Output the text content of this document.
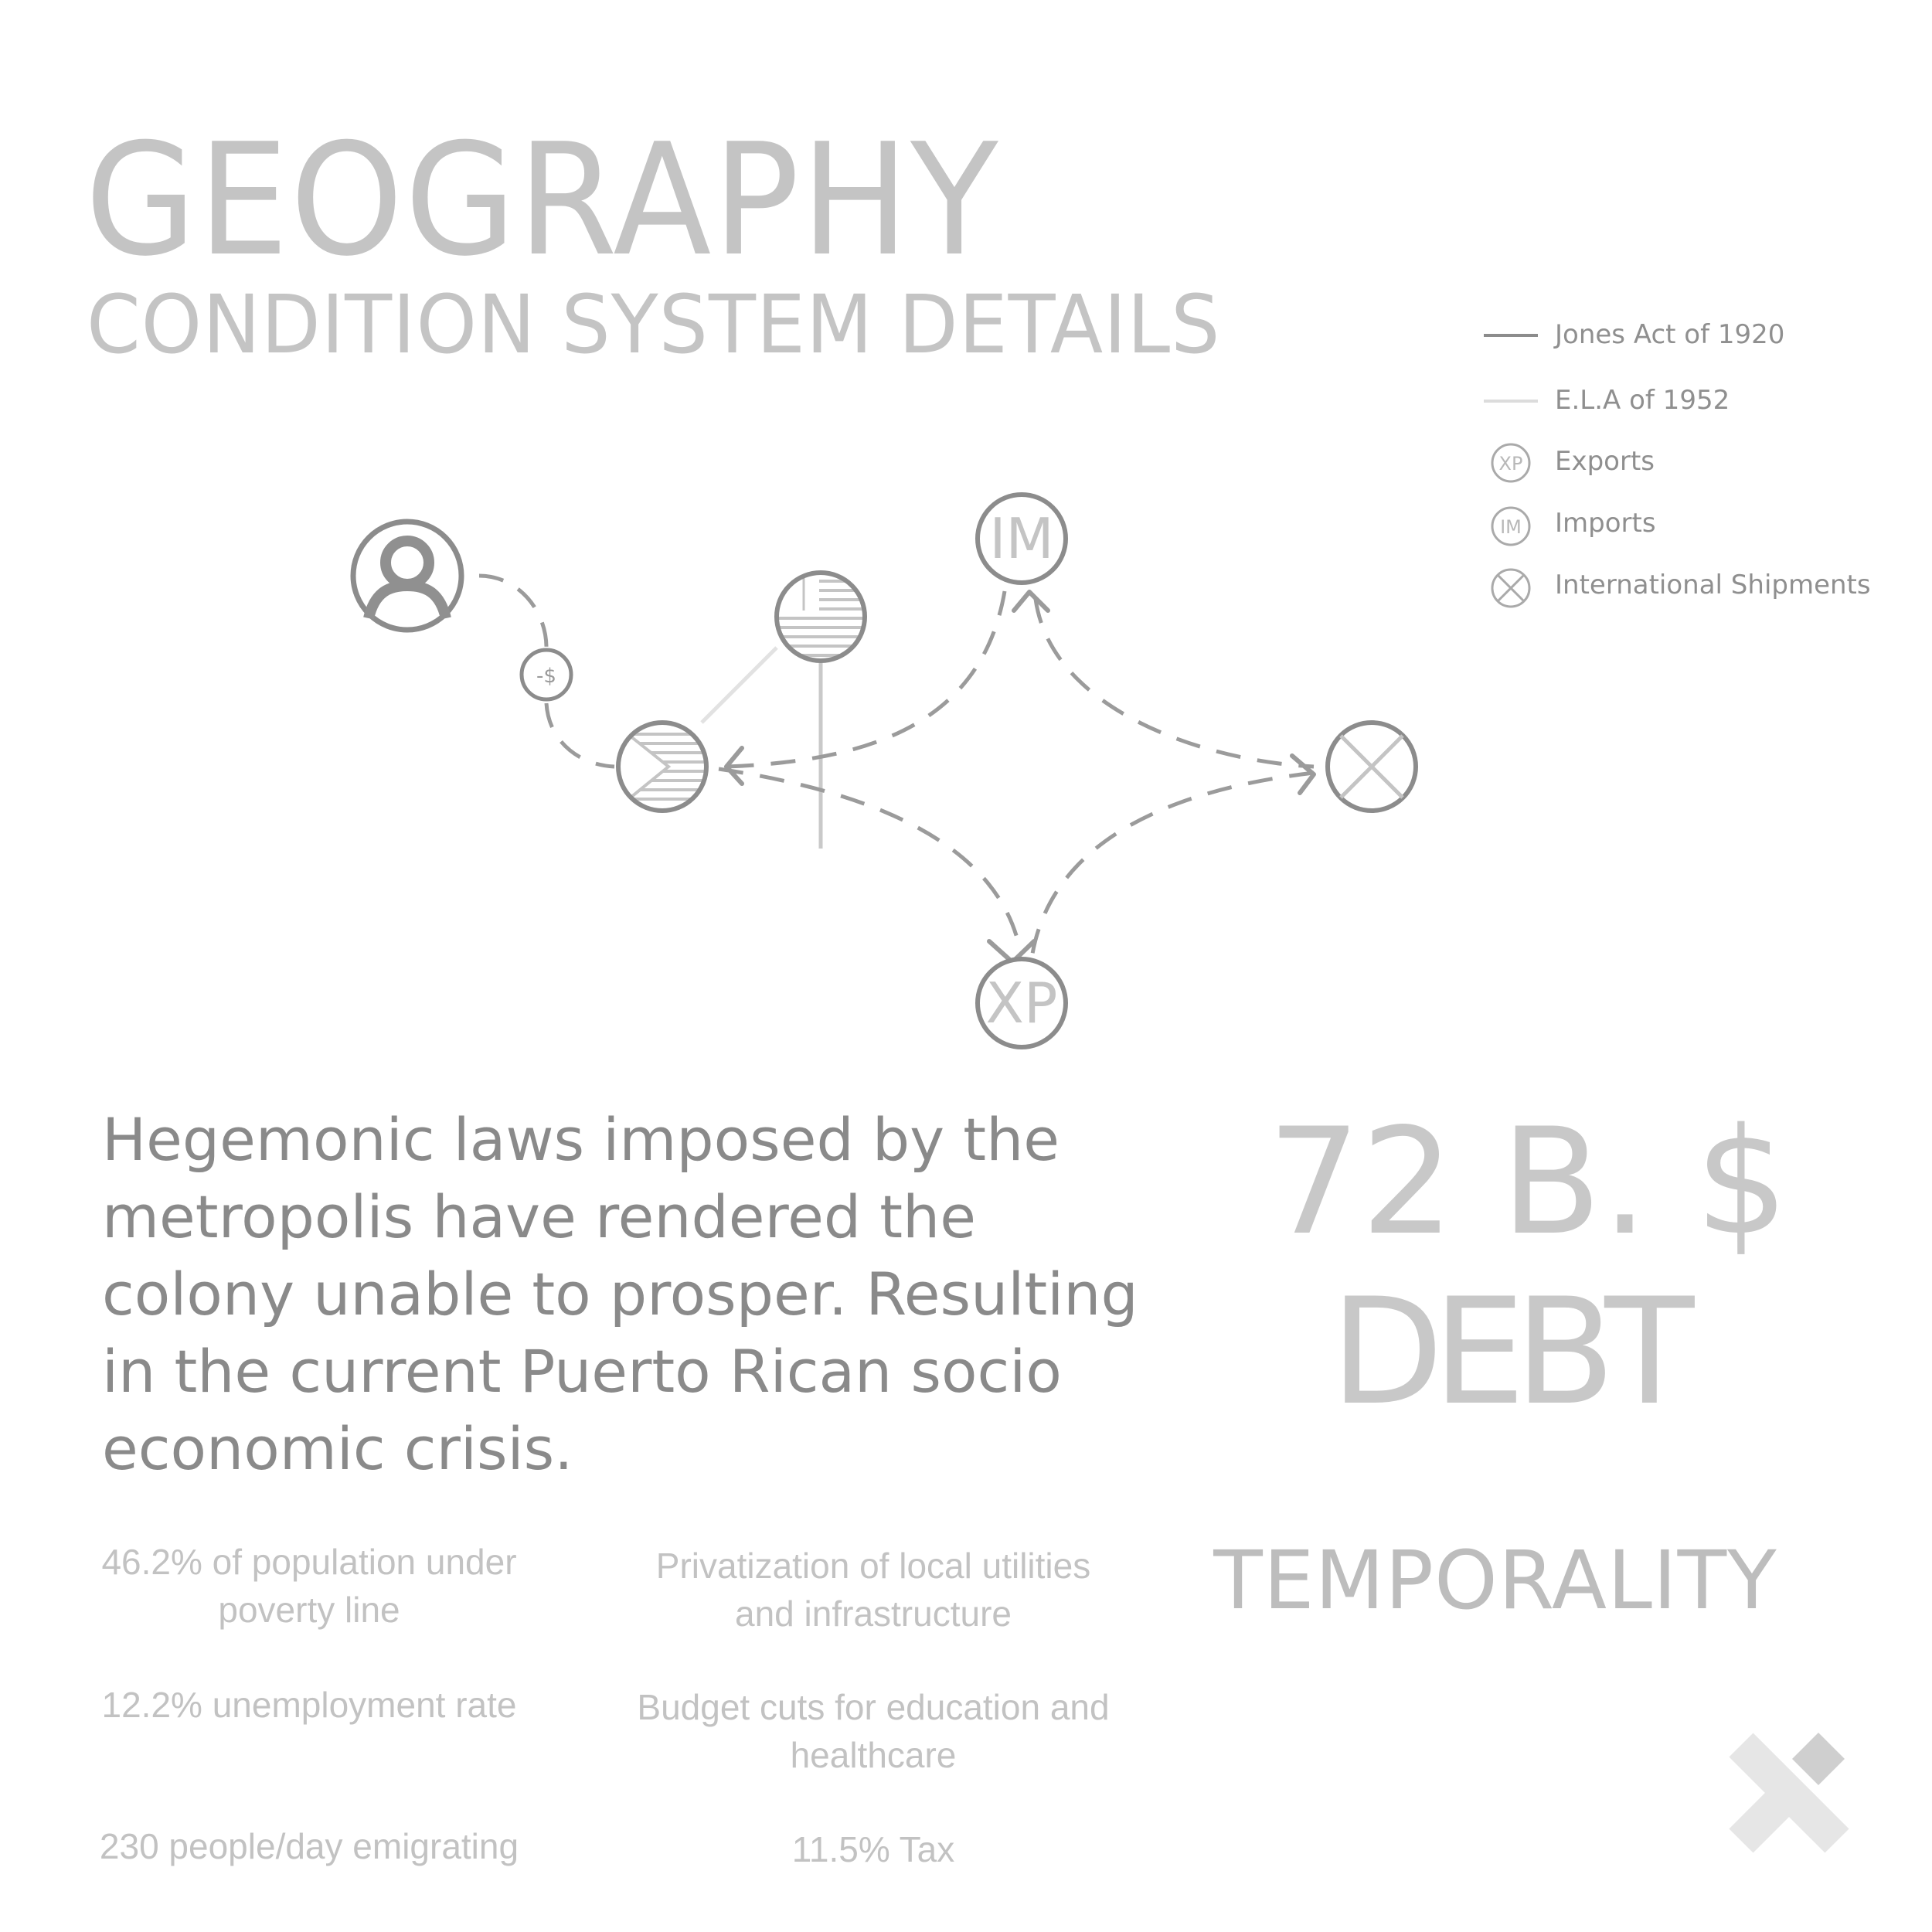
GEOGRAPHY
CONDITION SYSTEM DETAILS	Jones Act of 1920
E.L.A of 1952
XP Exports
IM Imports
International Shipments
-$
IM
XP
Hegemonic laws imposed by the metropolis have rendered the colony unable to prosper. Resulting in the current Puerto Rican socio economic crisis.
72 B. $
DEBT
TEMPORALITY
46.2% of population under poverty line
12.2% unemployment rate
230 people/day emigrating
Privatization of local utilities and infrastructure
Budget cuts for education and healthcare
11.5% Tax
